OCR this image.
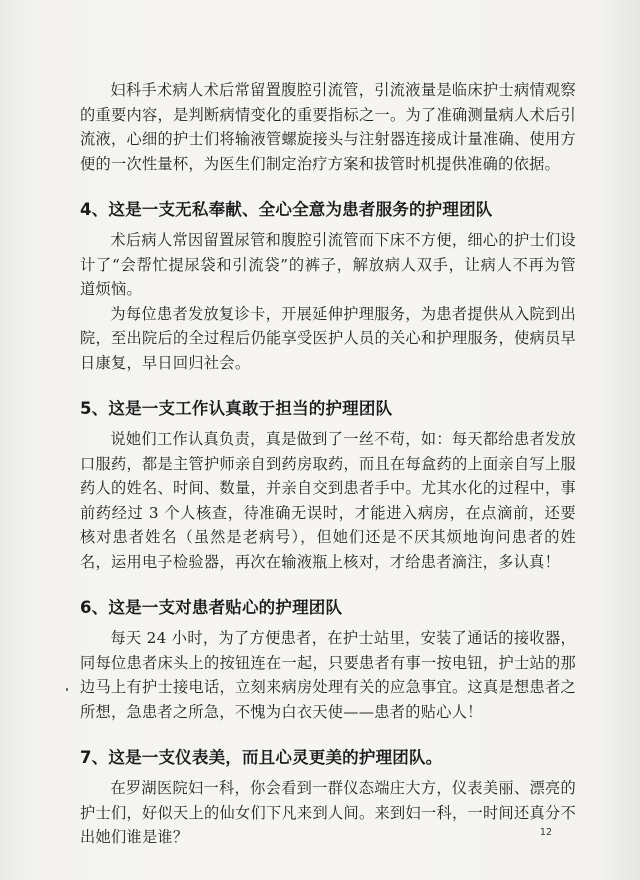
妇科手术病人术后常留置腹腔引流管，引流液量是临床护士病情观察的重要内容，是判断病情变化的重要指标之一。为了准确测量病人术后引流液，心细的护士们将输液管螺旋接头与注射器连接成计量准确、使用方便的一次性量杯，为医生们制定治疗方案和拔管时机提供准确的依据。

4、这是一支无私奉献、全心全意为患者服务的护理团队

术后病人常因留置尿管和腹腔引流管而下床不方便，细心的护士们设计了“会帮忙提尿袋和引流袋”的裤子，解放病人双手，让病人不再为管道烦恼。

为每位患者发放复诊卡，开展延伸护理服务，为患者提供从入院到出院，至出院后的全过程后仍能享受医护人员的关心和护理服务，使病员早日康复，早日回归社会。

5、这是一支工作认真敢于担当的护理团队

说她们工作认真负责，真是做到了一丝不苟，如：每天都给患者发放口服药，都是主管护师亲自到药房取药，而且在每盒药的上面亲自写上服药人的姓名、时间、数量，并亲自交到患者手中。尤其水化的过程中，事前药经过 3 个人核查，待准确无误时，才能进入病房，在点滴前，还要核对患者姓名（虽然是老病号），但她们还是不厌其烦地询问患者的姓名，运用电子检验器，再次在输液瓶上核对，才给患者滴注，多认真！

6、这是一支对患者贴心的护理团队

每天 24 小时，为了方便患者，在护士站里，安装了通话的接收器，同每位患者床头上的按钮连在一起，只要患者有事一按电钮，护士站的那边马上有护士接电话，立刻来病房处理有关的应急事宜。这真是想患者之所想，急患者之所急，不愧为白衣天使——患者的贴心人！

7、这是一支仪表美，而且心灵更美的护理团队。

在罗湖医院妇一科，你会看到一群仪态端庄大方，仪表美丽、漂亮的护士们，好似天上的仙女们下凡来到人间。来到妇一科，一时间还真分不出她们谁是谁？	12
